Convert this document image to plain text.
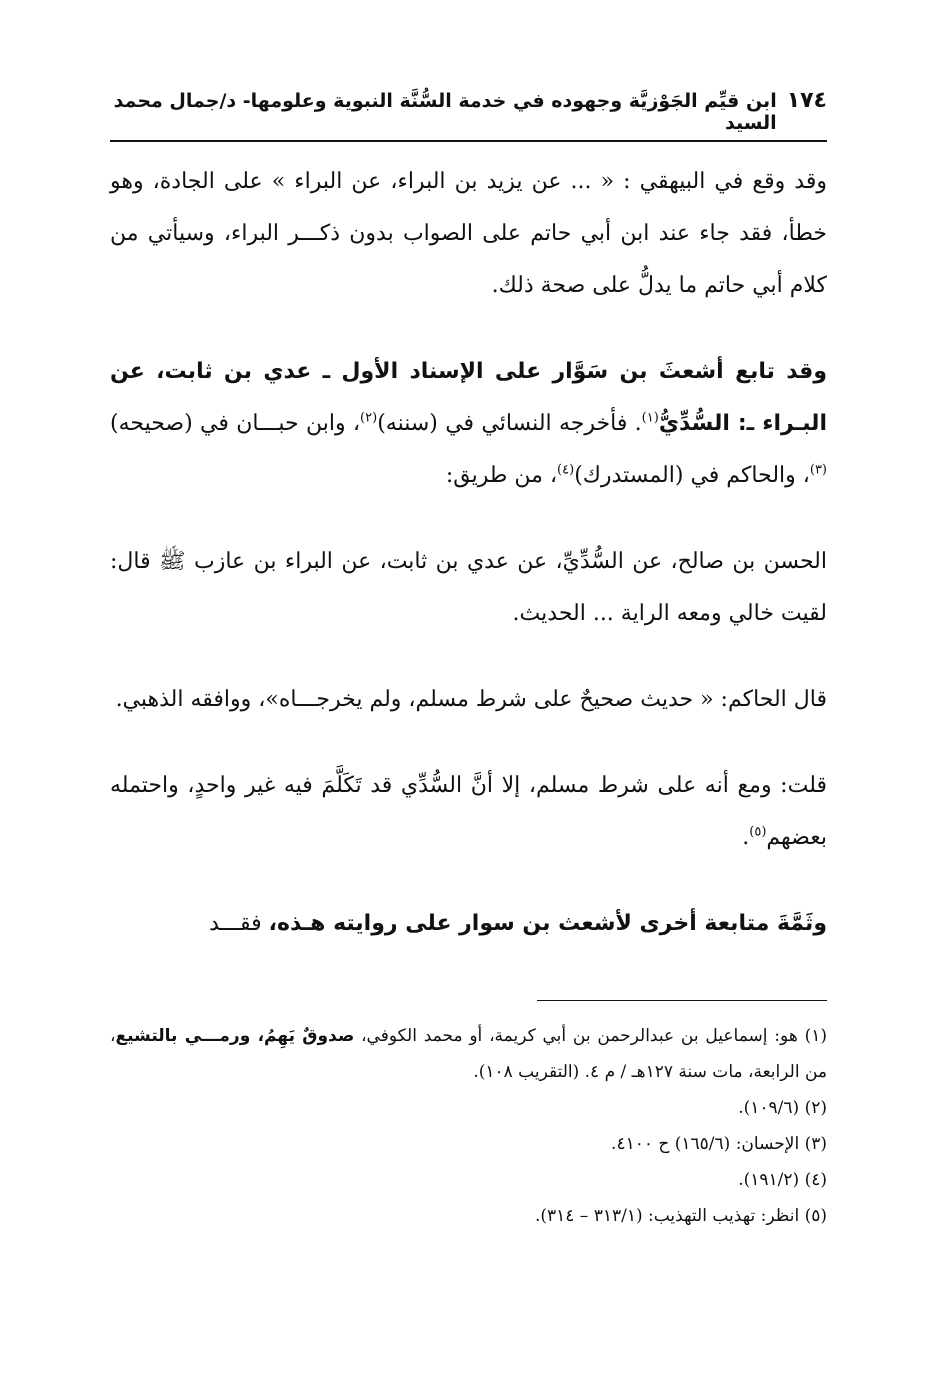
١٧٤
ابن قيِّم الجَوْزيَّة وجهوده في خدمة السُّنَّة النبوية وعلومها- د/جمال محمد السيد

وقد وقع في البيهقي : « ... عن يزيد بن البراء، عن البراء » على الجادة، وهو خطأ، فقد جاء عند ابن أبي حاتم على الصواب بدون ذكـــر البراء، وسيأتي من كلام أبي حاتم ما يدلُّ على صحة ذلك.

وقد تابع أشعثَ بن سَوَّار على الإسناد الأول ـ عدي بن ثابت، عن البـراء ـ: السُّدِّيُّ$^{(١)}$. فأخرجه النسائي في (سننه)$^{(٢)}$، وابن حبـــان في (صحيحه)$^{(٣)}$، والحاكم في (المستدرك)$^{(٤)}$، من طريق:

الحسن بن صالح، عن السُّدِّيِّ، عن عدي بن ثابت، عن البراء بن عازب ﷺ قال: لقيت خالي ومعه الراية ... الحديث.

قال الحاكم: « حديث صحيحٌ على شرط مسلم، ولم يخرجـــاه»، ووافقه الذهبي.

قلت: ومع أنه على شرط مسلم، إلا أنَّ السُّدِّي قد تَكَلَّمَ فيه غير واحدٍ، واحتمله بعضهم$^{(٥)}$.

وثَمَّةَ متابعة أخرى لأشعث بن سوار على روايته هـذه، فقـــد

(١) هو: إسماعيل بن عبدالرحمن بن أبي كريمة، أو محمد الكوفي، صدوقٌ يَهِمُ، ورمـــي بالتشيع، من الرابعة، مات سنة ١٢٧هـ / م ٤. (التقريب ١٠٨).

(٢) (١٠٩/٦).

(٣) الإحسان: (١٦٥/٦) ح ٤١٠٠.

(٤) (١٩١/٢).

(٥) انظر: تهذيب التهذيب: (٣١٣/١ – ٣١٤).
